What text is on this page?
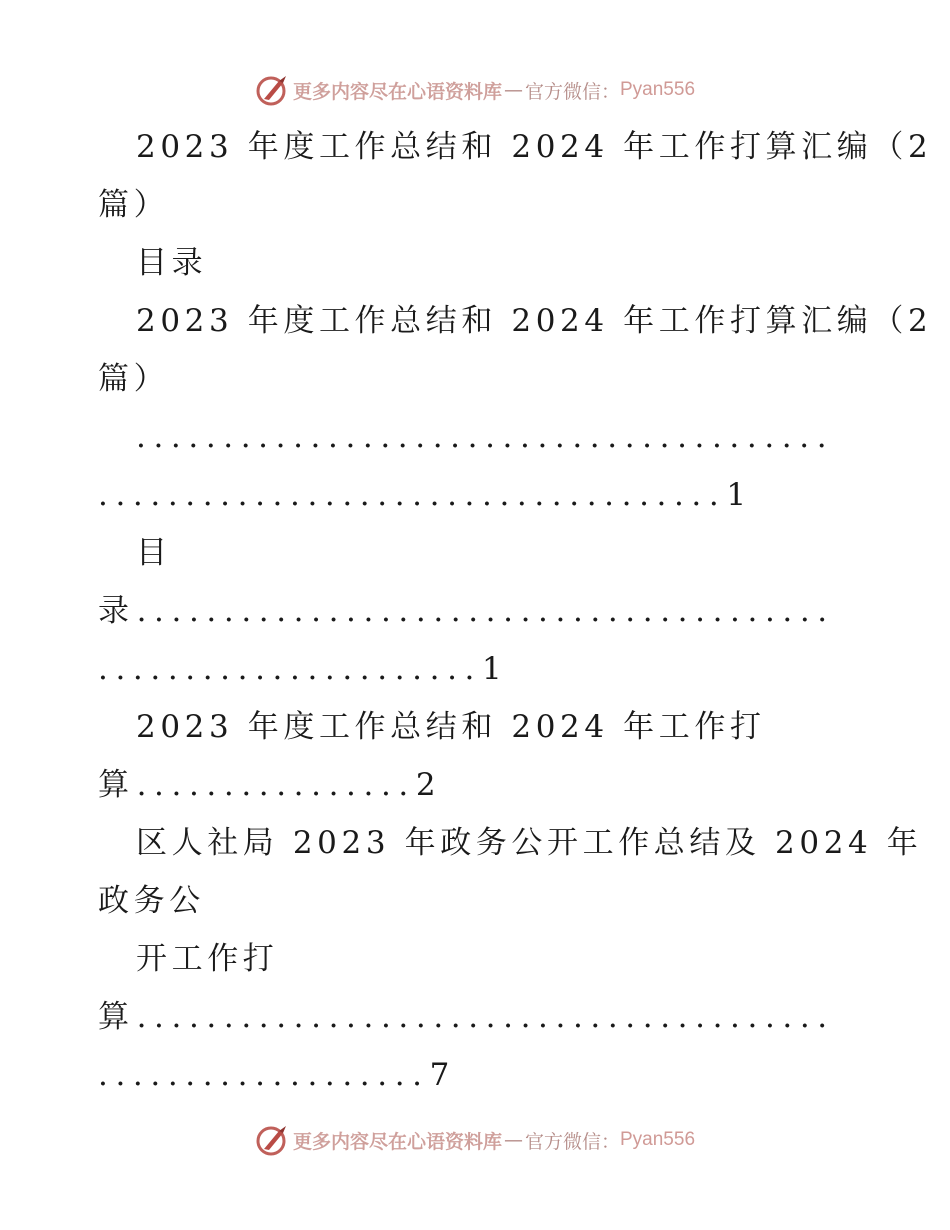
更多内容尽在心语资料库 — 官方微信： Pyan556
2023 年度工作总结和 2024 年工作打算汇编（2
篇）
目录
2023 年度工作总结和 2024 年工作打算汇编（2
篇）
........................................
....................................1
目
录........................................
......................1
2023 年度工作总结和 2024 年工作打
算................2
区人社局 2023 年政务公开工作总结及 2024 年
政务公
开工作打
算........................................
...................7
更多内容尽在心语资料库 — 官方微信： Pyan556
